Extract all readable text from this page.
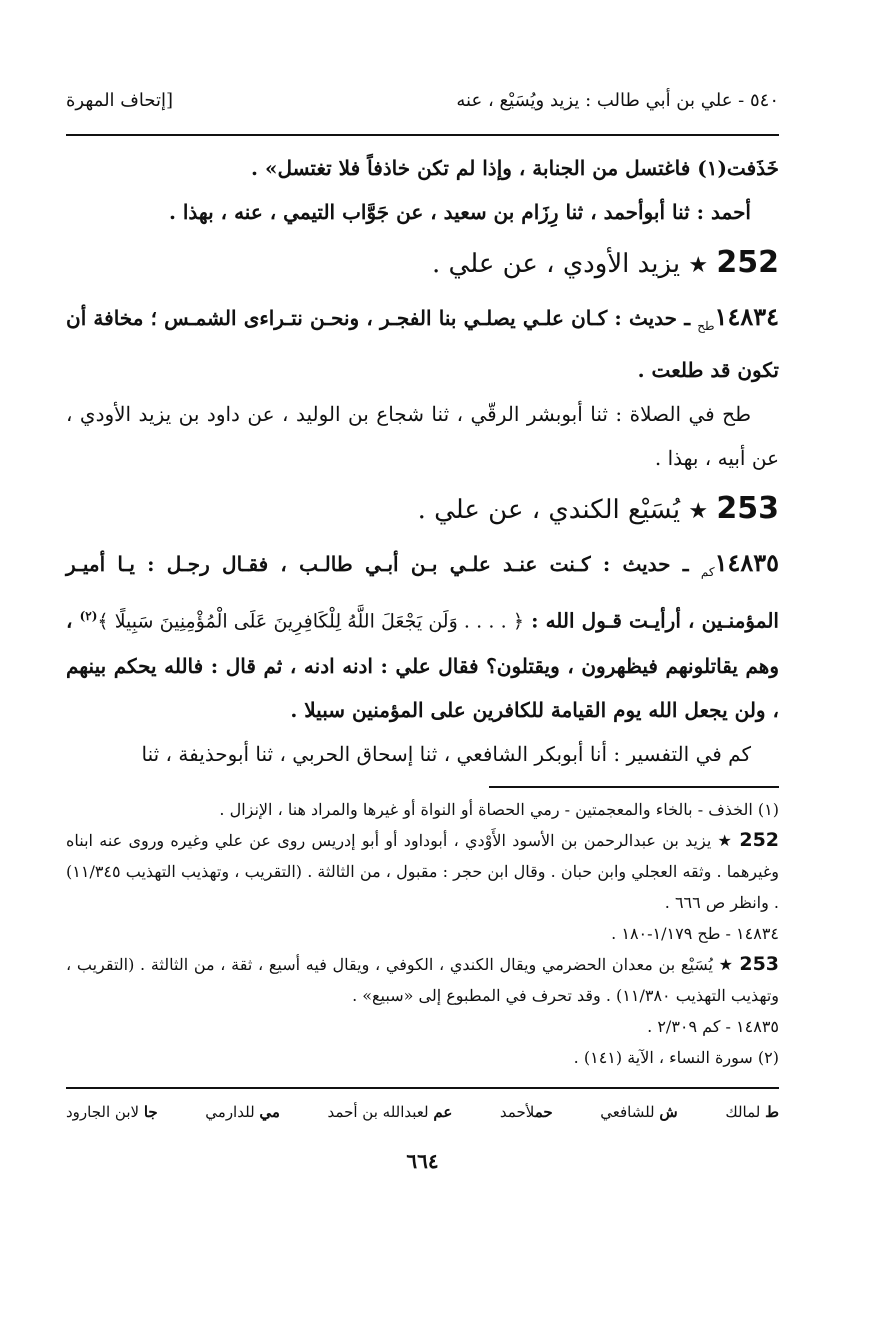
٥٤٠ - علي بن أبي طالب : يزيد ويُسَيْع ، عنه
[إتحاف المهرة

خَذَفت(١) فاغتسل من الجنابة ، وإذا لم تكن خاذفاً فلا تغتسل» .

أحمد : ثنا أبوأحمد ، ثنا رِزَام بن سعيد ، عن جَوَّاب التيمي ، عنه ، بهذا .

252 ★ يزيد الأودي ، عن علي .

$١٤٨٣٤_{طح}$ ـ حديث : كـان علـي يصلـي بنا الفجـر ، ونحـن نتـراءى الشمـس ؛ مخافة أن تكون قد طلعت .

طح في الصلاة : ثنا أبوبشر الرقّي ، ثنا شجاع بن الوليد ، عن داود بن يزيد الأودي ، عن أبيه ، بهذا .

253 ★ يُسَيْع الكندي ، عن علي .

$١٤٨٣٥_{كم}$ ـ حديث : كـنت عنـد علـي بـن أبـي طالـب ، فقـال رجـل : يـا أميـر المؤمنـين ، أرأيـت قـول الله : ﴿ . . . . وَلَن يَجْعَلَ اللَّهُ لِلْكَافِرِينَ عَلَى الْمُؤْمِنِينَ سَبِيلًا ﴾$^{(٢)}$ ، وهم يقاتلونهم فيظهرون ، ويقتلون؟ فقال علي : ادنه ادنه ، ثم قال : فالله يحكم بينهم ، ولن يجعل الله يوم القيامة للكافرين على المؤمنين سبيلا .

كم في التفسير : أنا أبوبكر الشافعي ، ثنا إسحاق الحربي ، ثنا أبوحذيفة ، ثنا

(١) الخذف - بالخاء والمعجمتين - رمي الحصاة أو النواة أو غيرها والمراد هنا ، الإنزال .

252 ★ يزيد بن عبدالرحمن بن الأسود الأَوْدي ، أبوداود أو أبو إدريس روى عن علي وغيره وروى عنه ابناه وغيرهما . وثقه العجلي وابن حبان . وقال ابن حجر : مقبول ، من الثالثة . (التقريب ، وتهذيب التهذيب ١١/٣٤٥) . وانظر ص ٦٦٦ .

١٤٨٣٤ - طح ١/١٧٩-١٨٠ .

253 ★ يُسَيْع بن معدان الحضرمي ويقال الكندي ، الكوفي ، ويقال فيه أسيع ، ثقة ، من الثالثة . (التقريب ، وتهذيب التهذيب ١١/٣٨٠) . وقد تحرف في المطبوع إلى «سبيع» .

١٤٨٣٥ - كم ٢/٣٠٩ .

(٢) سورة النساء ، الآية (١٤١) .

ط لمالك
ش للشافعي
حملأحمد
عم لعبدالله بن أحمد
مي للدارمي
جا لابن الجارود
٦٦٤
